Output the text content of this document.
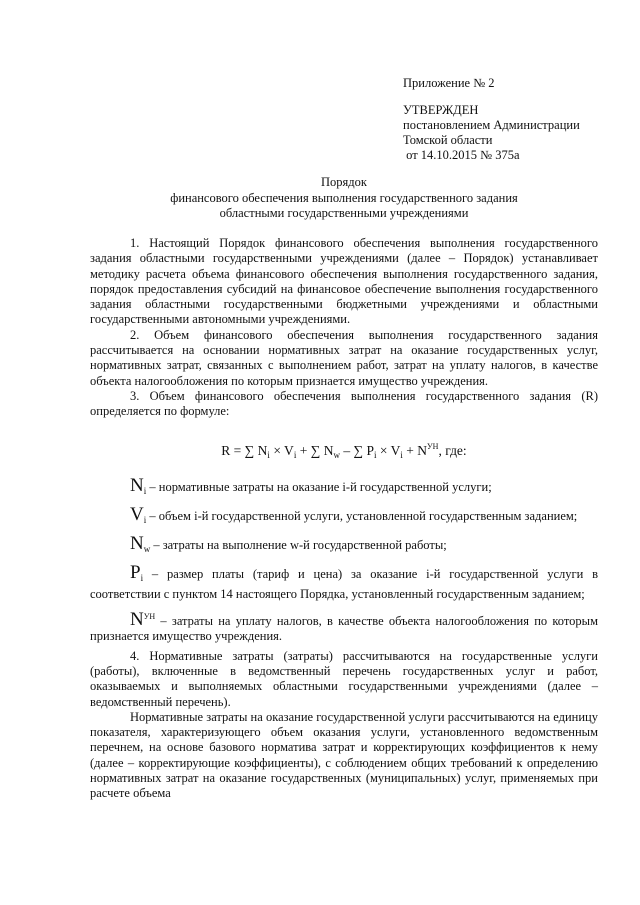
Приложение № 2
УТВЕРЖДЕН
постановлением Администрации
Томской области
от 14.10.2015 № 375а
Порядок
финансового обеспечения выполнения государственного задания
областными государственными учреждениями

1. Настоящий Порядок финансового обеспечения выполнения государственного задания областными государственными учреждениями (далее – Порядок) устанавливает методику расчета объема финансового обеспечения выполнения государственного задания, порядок предоставления субсидий на финансовое обеспечение выполнения государственного задания областными государственными бюджетными учреждениями и областными государственными автономными учреждениями.

2. Объем финансового обеспечения выполнения государственного задания рассчитывается на основании нормативных затрат на оказание государственных услуг, нормативных затрат, связанных с выполнением работ, затрат на уплату налогов, в качестве объекта налогообложения по которым признается имущество учреждения.

3. Объем финансового обеспечения выполнения государственного задания (R) определяется по формуле:

R = ∑ $N_i \times V_i$ + ∑ $N_w$ – ∑ $P_i \times V_i + N^{УН}$, где:

$N_i$ – нормативные затраты на оказание i-й государственной услуги;

$V_i$ – объем i-й государственной услуги, установленной государственным заданием;

$N_w$ – затраты на выполнение w-й государственной работы;

$P_i$ – размер платы (тариф и цена) за оказание i-й государственной услуги в соответствии с пунктом 14 настоящего Порядка, установленный государственным заданием;

$N^{УН}$ – затраты на уплату налогов, в качестве объекта налогообложения по которым признается имущество учреждения.

4. Нормативные затраты (затраты) рассчитываются на государственные услуги (работы), включенные в ведомственный перечень государственных услуг и работ, оказываемых и выполняемых областными государственными учреждениями (далее – ведомственный перечень).

Нормативные затраты на оказание государственной услуги рассчитываются на единицу показателя, характеризующего объем оказания услуги, установленного ведомственным перечнем, на основе базового норматива затрат и корректирующих коэффициентов к нему (далее – корректирующие коэффициенты), с соблюдением общих требований к определению нормативных затрат на оказание государственных (муниципальных) услуг, применяемых при расчете объема
